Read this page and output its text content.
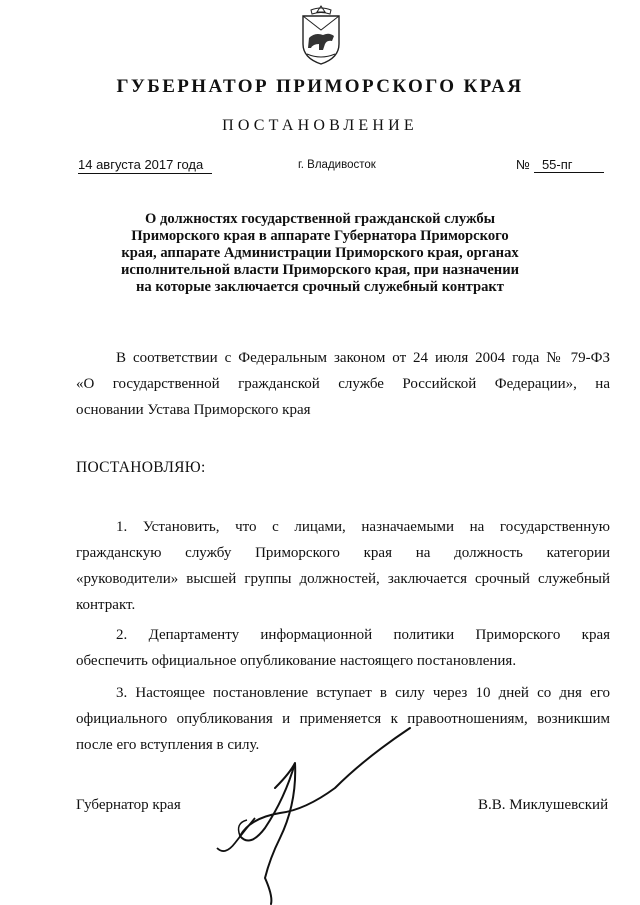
ГУБЕРНАТОР ПРИМОРСКОГО КРАЯ
ПОСТАНОВЛЕНИЕ
14 августа 2017 года	г. Владивосток	№ 55-пг
О должностях государственной гражданской службы
Приморского края в аппарате Губернатора Приморского
края, аппарате Администрации Приморского края, органах
исполнительной власти Приморского края, при назначении
на которые заключается срочный служебный контракт
В соответствии с Федеральным законом от 24 июля 2004 года № 79-ФЗ
«О государственной гражданской службе Российской Федерации», на
основании Устава Приморского края
ПОСТАНОВЛЯЮ:
1. Установить, что с лицами, назначаемыми на государственную
гражданскую службу Приморского края на должность категории
«руководители» высшей группы должностей, заключается срочный служебный
контракт.
2. Департаменту информационной политики Приморского края
обеспечить официальное опубликование настоящего постановления.
3. Настоящее постановление вступает в силу через 10 дней со дня его
официального опубликования и применяется к правоотношениям, возникшим
после его вступления в силу.
Губернатор края	В.В. Миклушевский
